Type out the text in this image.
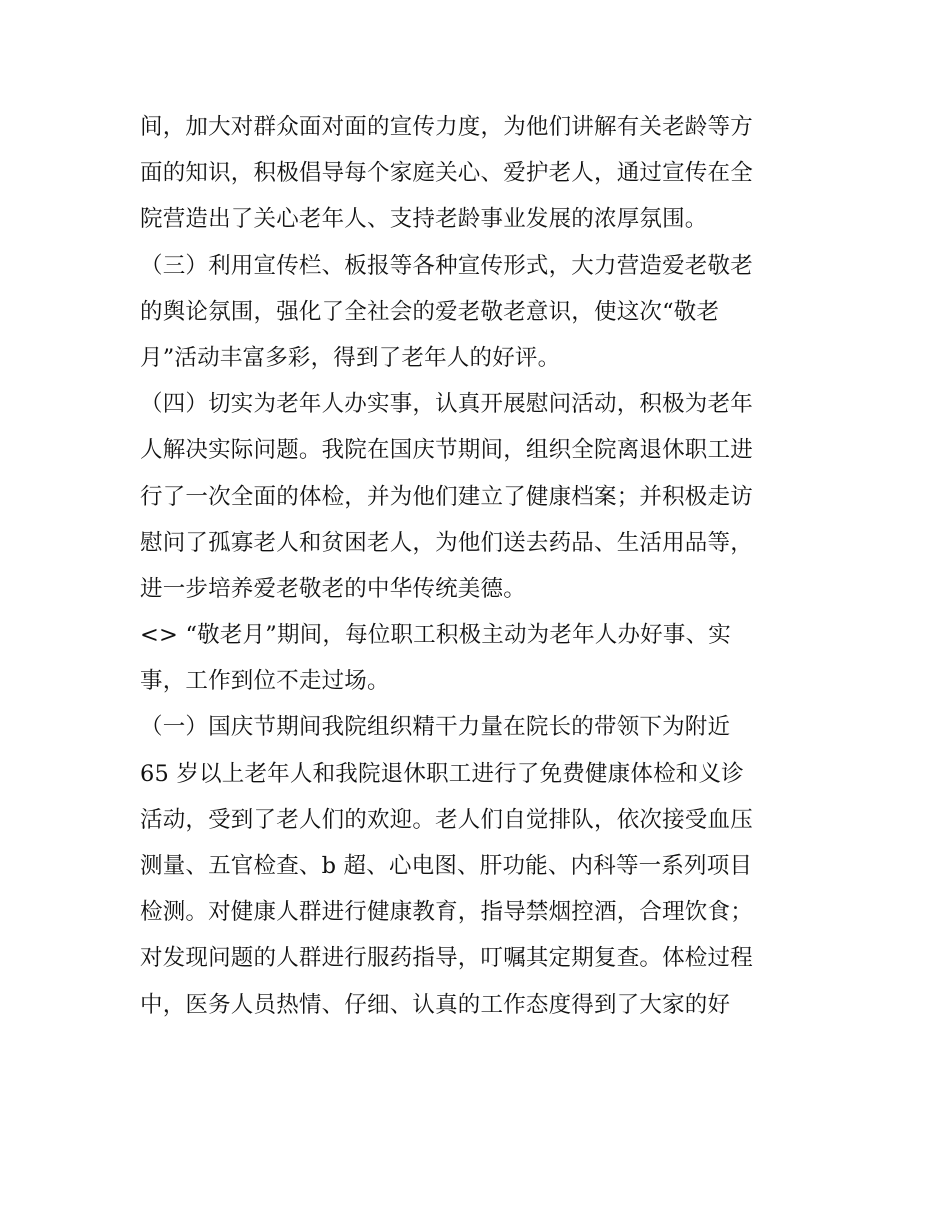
间，加大对群众面对面的宣传力度，为他们讲解有关老龄等方
面的知识，积极倡导每个家庭关心、爱护老人，通过宣传在全
院营造出了关心老年人、支持老龄事业发展的浓厚氛围。
（三）利用宣传栏、板报等各种宣传形式，大力营造爱老敬老
的舆论氛围，强化了全社会的爱老敬老意识，使这次“敬老
月”活动丰富多彩，得到了老年人的好评。
（四）切实为老年人办实事，认真开展慰问活动，积极为老年
人解决实际问题。我院在国庆节期间，组织全院离退休职工进
行了一次全面的体检，并为他们建立了健康档案；并积极走访
慰问了孤寡老人和贫困老人，为他们送去药品、生活用品等，
进一步培养爱老敬老的中华传统美德。
<> “敬老月”期间，每位职工积极主动为老年人办好事、实
事，工作到位不走过场。
（一）国庆节期间我院组织精干力量在院长的带领下为附近
65 岁以上老年人和我院退休职工进行了免费健康体检和义诊
活动，受到了老人们的欢迎。老人们自觉排队，依次接受血压
测量、五官检查、b 超、心电图、肝功能、内科等一系列项目
检测。对健康人群进行健康教育，指导禁烟控酒，合理饮食；
对发现问题的人群进行服药指导，叮嘱其定期复查。体检过程
中，医务人员热情、仔细、认真的工作态度得到了大家的好
